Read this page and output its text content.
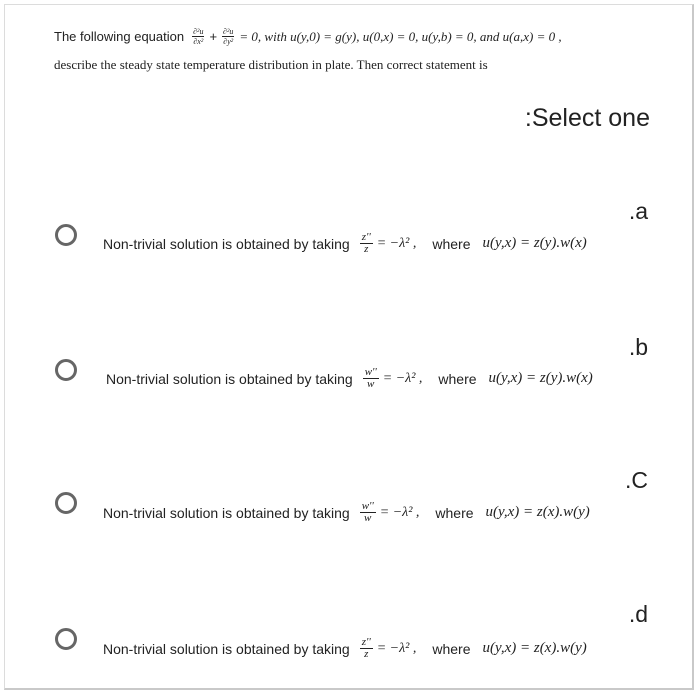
The following equation $\frac{\text{∂²u}}{\text{∂x²}} + \frac{\text{∂²u}}{\text{∂y²}} = 0$, with u(y,0) = g(y), u(0,x) = 0, u(y,b) = 0, and u(a,x) = 0 ,
describe the steady state temperature distribution in plate. Then correct statement is
:Select one
.a
Non-trivial solution is obtained by taking $\frac{z''}{z} = -\lambda^2$ , where u(y,x) = z(y).w(x)
.b
Non-trivial solution is obtained by taking $\frac{w''}{w} = -\lambda^2$ , where u(y,x) = z(y).w(x)
.C
Non-trivial solution is obtained by taking $\frac{w''}{w} = -\lambda^2$ , where u(y,x) = z(x).w(y)
.d
Non-trivial solution is obtained by taking $\frac{z''}{z} = -\lambda^2$ , where u(y,x) = z(x).w(y)
